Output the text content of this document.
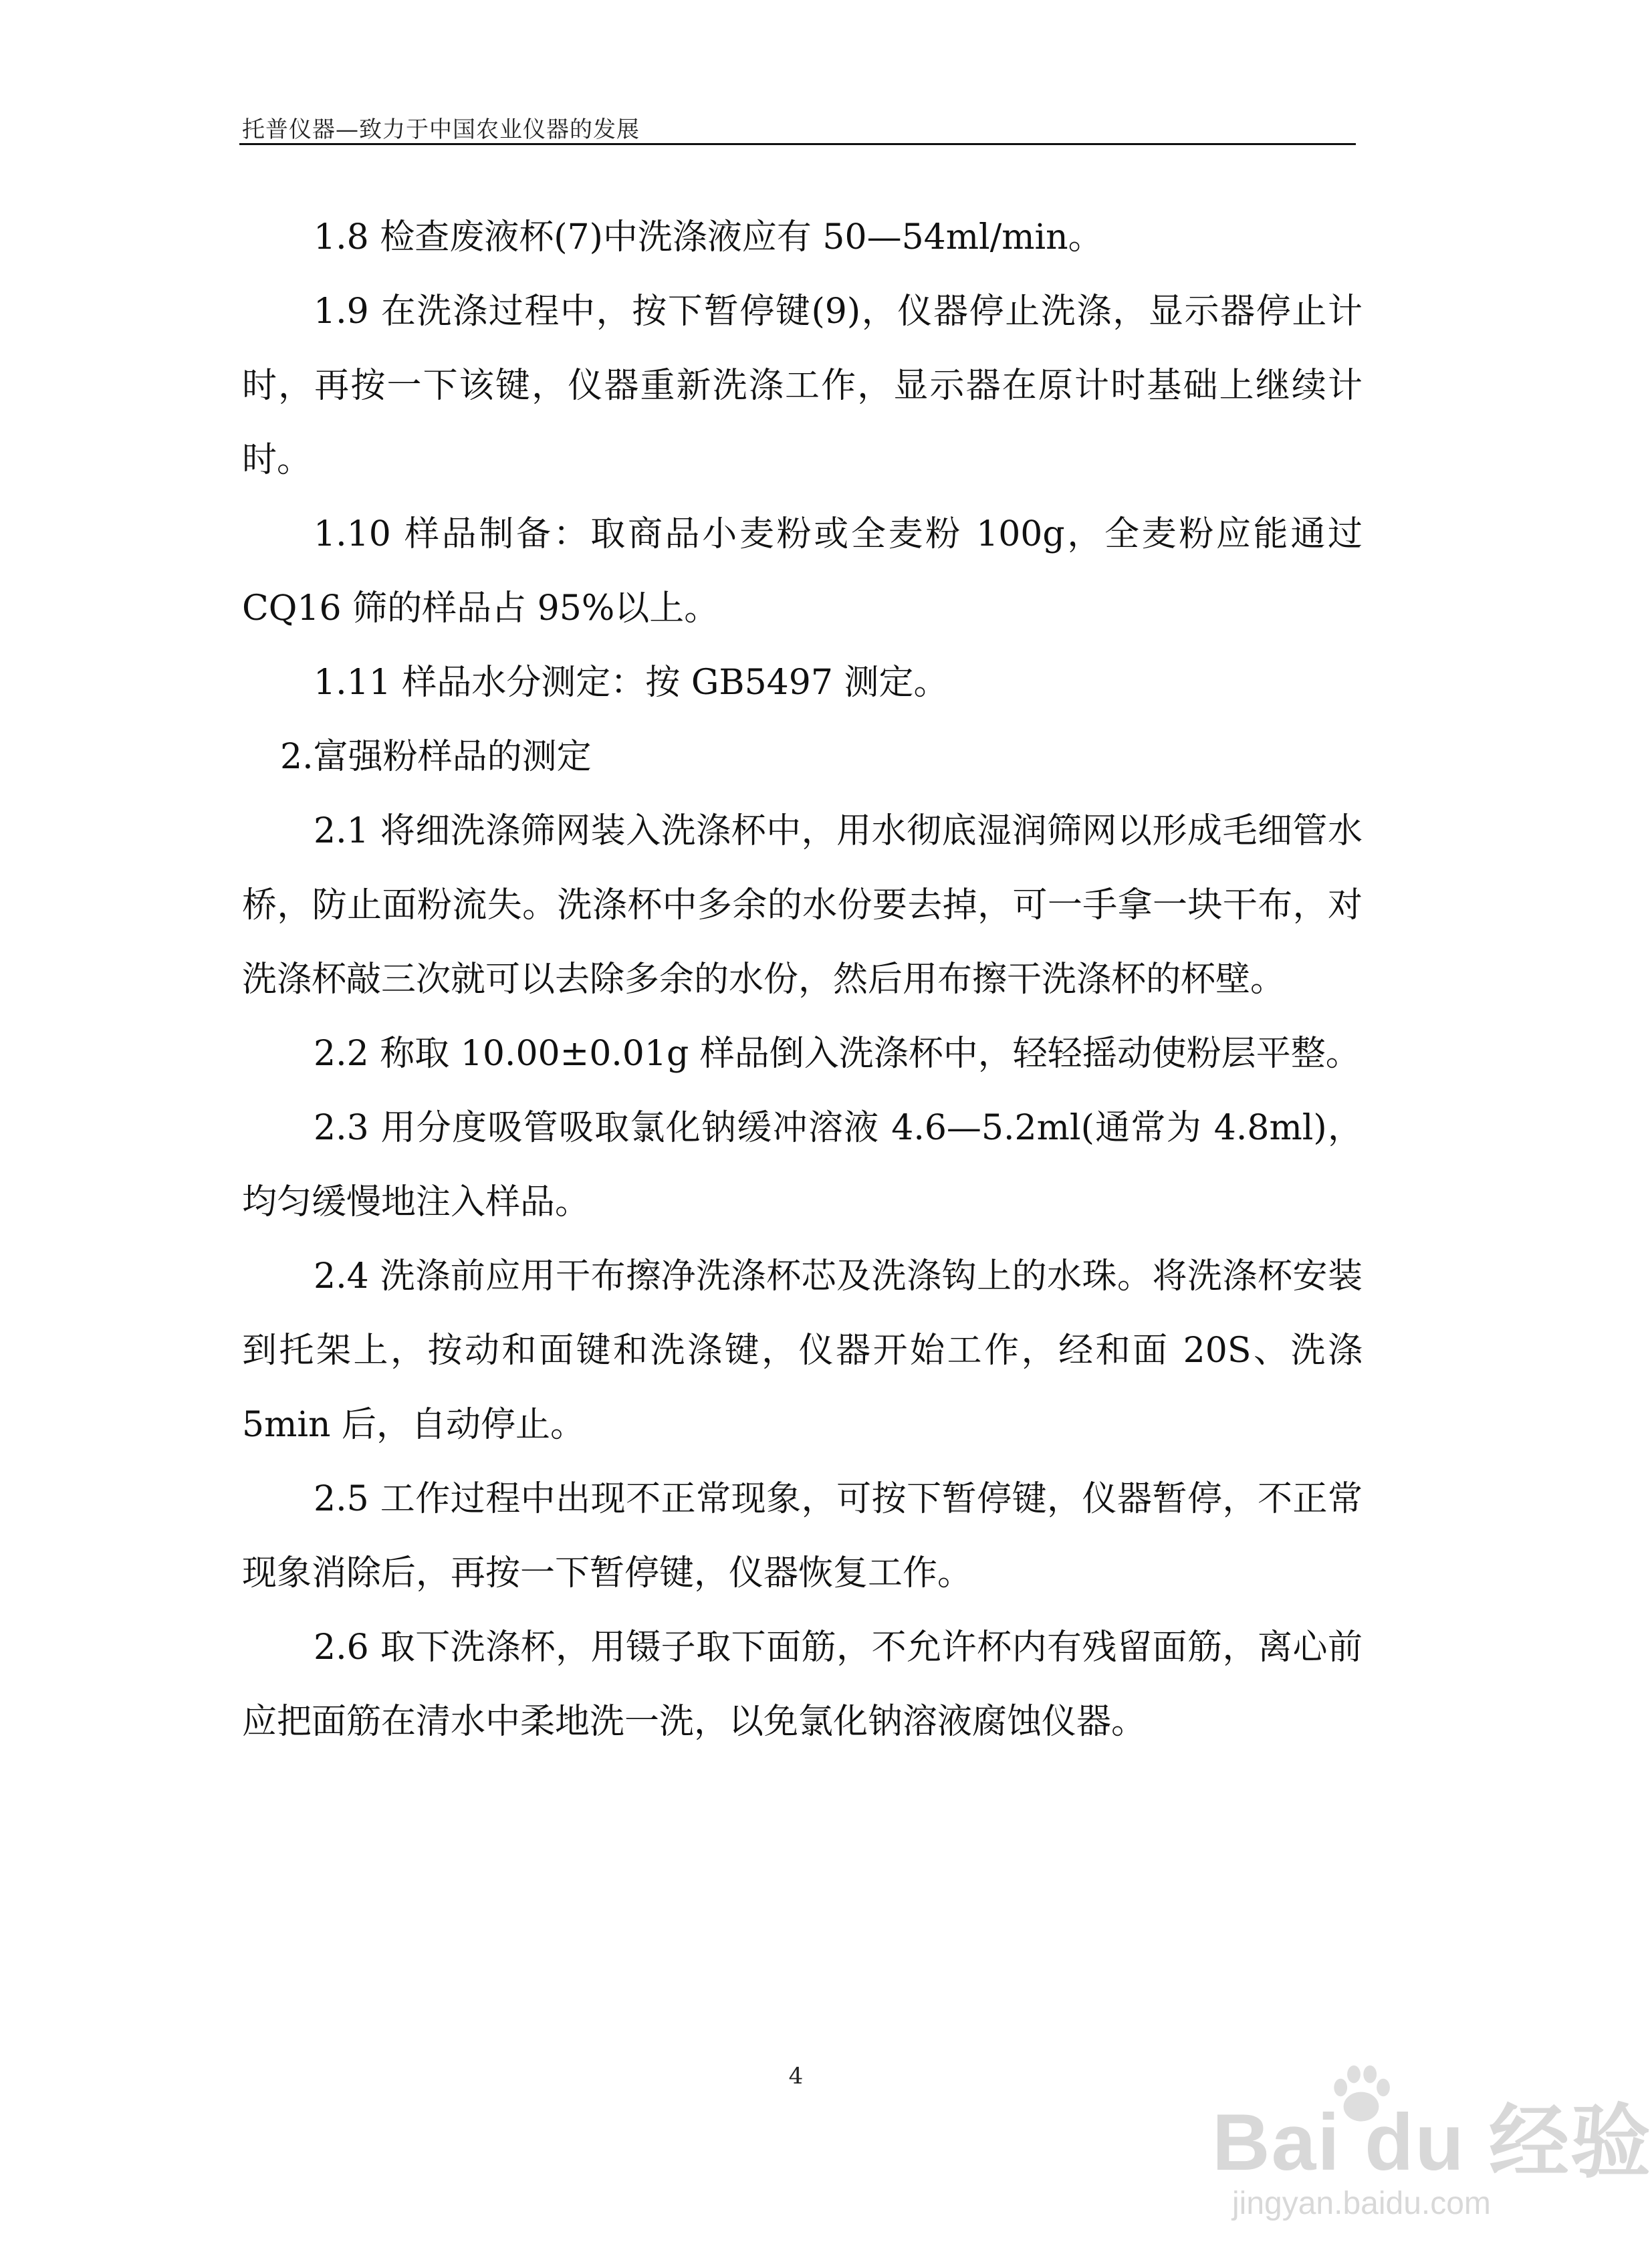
托普仪器—致力于中国农业仪器的发展

1.8 检查废液杯(7)中洗涤液应有 50—54ml/min。

1.9 在洗涤过程中，按下暂停键(9)，仪器停止洗涤，显示器停止计时，再按一下该键，仪器重新洗涤工作，显示器在原计时基础上继续计时。

1.10 样品制备：取商品小麦粉或全麦粉 100g，全麦粉应能通过 CQ16 筛的样品占 95%以上。

1.11 样品水分测定：按 GB5497 测定。

2.富强粉样品的测定

2.1 将细洗涤筛网装入洗涤杯中，用水彻底湿润筛网以形成毛细管水桥，防止面粉流失。洗涤杯中多余的水份要去掉，可一手拿一块干布，对洗涤杯敲三次就可以去除多余的水份，然后用布擦干洗涤杯的杯壁。

2.2 称取 10.00±0.01g 样品倒入洗涤杯中，轻轻摇动使粉层平整。

2.3 用分度吸管吸取氯化钠缓冲溶液 4.6—5.2ml(通常为 4.8ml)，均匀缓慢地注入样品。

2.4 洗涤前应用干布擦净洗涤杯芯及洗涤钩上的水珠。将洗涤杯安装到托架上，按动和面键和洗涤键，仪器开始工作，经和面 20S、洗涤 5min 后，自动停止。

2.5 工作过程中出现不正常现象，可按下暂停键，仪器暂停，不正常现象消除后，再按一下暂停键，仪器恢复工作。

2.6 取下洗涤杯，用镊子取下面筋，不允许杯内有残留面筋，离心前应把面筋在清水中柔地洗一洗，以免氯化钠溶液腐蚀仪器。

4
Bai du 经验
jingyan.baidu.com
